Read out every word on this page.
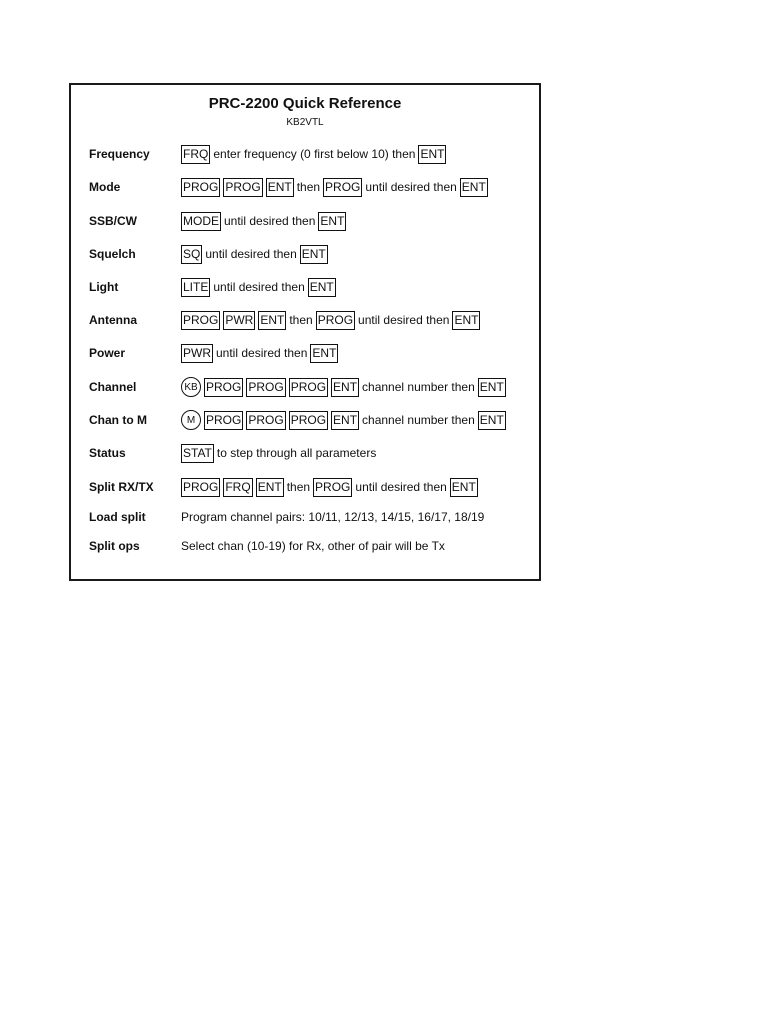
PRC-2200 Quick Reference
KB2VTL
Frequency	FRQ enter frequency (0 first below 10) then ENT
Mode	PROG PROG ENT then PROG until desired then ENT
SSB/CW	MODE until desired then ENT
Squelch	SQ until desired then ENT
Light	LITE until desired then ENT
Antenna	PROG PWR ENT then PROG until desired then ENT
Power	PWR until desired then ENT
Channel	KB PROG PROG PROG ENT channel number then ENT
Chan to M	M PROG PROG PROG ENT channel number then ENT
Status	STAT to step through all parameters
Split RX/TX	PROG FRQ ENT then PROG until desired then ENT
Load split	Program channel pairs: 10/11, 12/13, 14/15, 16/17, 18/19
Split ops	Select chan (10-19) for Rx, other of pair will be Tx
